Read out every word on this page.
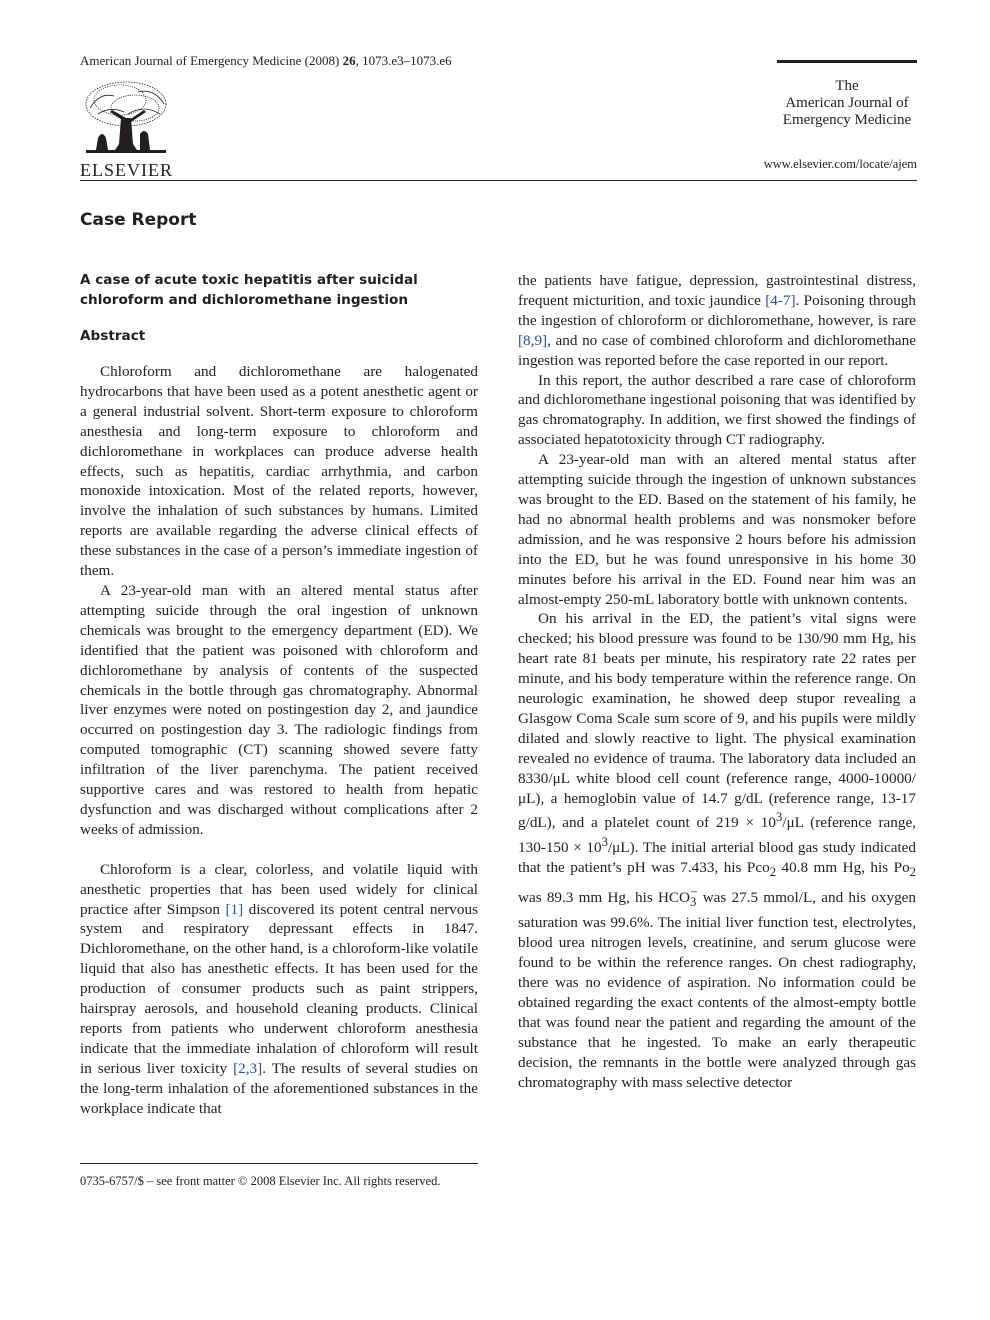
American Journal of Emergency Medicine (2008) 26, 1073.e3–1073.e6
ELSEVIER
The
American Journal of
Emergency Medicine
www.elsevier.com/locate/ajem
Case Report
A case of acute toxic hepatitis after suicidal chloroform and dichloromethane ingestion
Abstract

Chloroform and dichloromethane are halogenated hydrocarbons that have been used as a potent anesthetic agent or a general industrial solvent. Short-term exposure to chloroform anesthesia and long-term exposure to chloroform and dichloromethane in workplaces can produce adverse health effects, such as hepatitis, cardiac arrhythmia, and carbon monoxide intoxication. Most of the related reports, however, involve the inhalation of such substances by humans. Limited reports are available regarding the adverse clinical effects of these substances in the case of a person’s immediate ingestion of them.

A 23-year-old man with an altered mental status after attempting suicide through the oral ingestion of unknown chemicals was brought to the emergency department (ED). We identified that the patient was poisoned with chloroform and dichloromethane by analysis of contents of the suspected chemicals in the bottle through gas chromatography. Abnormal liver enzymes were noted on postingestion day 2, and jaundice occurred on postingestion day 3. The radiologic findings from computed tomographic (CT) scanning showed severe fatty infiltration of the liver parenchyma. The patient received supportive cares and was restored to health from hepatic dysfunction and was discharged without complications after 2 weeks of admission.

Chloroform is a clear, colorless, and volatile liquid with anesthetic properties that has been used widely for clinical practice after Simpson [1] discovered its potent central nervous system and respiratory depressant effects in 1847. Dichloromethane, on the other hand, is a chloroform-like volatile liquid that also has anesthetic effects. It has been used for the production of consumer products such as paint strippers, hairspray aerosols, and household cleaning products. Clinical reports from patients who underwent chloroform anesthesia indicate that the immediate inhalation of chloroform will result in serious liver toxicity [2,3]. The results of several studies on the long-term inhalation of the aforementioned substances in the workplace indicate that

the patients have fatigue, depression, gastrointestinal distress, frequent micturition, and toxic jaundice [4-7]. Poisoning through the ingestion of chloroform or dichloromethane, however, is rare [8,9], and no case of combined chloroform and dichloromethane ingestion was reported before the case reported in our report.

In this report, the author described a rare case of chloroform and dichloromethane ingestional poisoning that was identified by gas chromatography. In addition, we first showed the findings of associated hepatotoxicity through CT radiography.

A 23-year-old man with an altered mental status after attempting suicide through the ingestion of unknown substances was brought to the ED. Based on the statement of his family, he had no abnormal health problems and was nonsmoker before admission, and he was responsive 2 hours before his admission into the ED, but he was found unresponsive in his home 30 minutes before his arrival in the ED. Found near him was an almost-empty 250-mL laboratory bottle with unknown contents.

On his arrival in the ED, the patient’s vital signs were checked; his blood pressure was found to be 130/90 mm Hg, his heart rate 81 beats per minute, his respiratory rate 22 rates per minute, and his body temperature within the reference range. On neurologic examination, he showed deep stupor revealing a Glasgow Coma Scale sum score of 9, and his pupils were mildly dilated and slowly reactive to light. The physical examination revealed no evidence of trauma. The laboratory data included an 8330/μL white blood cell count (reference range, 4000-10000/μL), a hemoglobin value of 14.7 g/dL (reference range, 13-17 g/dL), and a platelet count of $219 \times 10^3/\mu L$ (reference range, $130-150 \times 10^3/\mu L$). The initial arterial blood gas study indicated that the patient’s pH was 7.433, his Pco$_2$ 40.8 mm Hg, his $Po_2$ was 89.3 mm Hg, his $HCO_3^-$ was 27.5 mmol/L, and his oxygen saturation was 99.6%. The initial liver function test, electrolytes, blood urea nitrogen levels, creatinine, and serum glucose were found to be within the reference ranges. On chest radiography, there was no evidence of aspiration. No information could be obtained regarding the exact contents of the almost-empty bottle that was found near the patient and regarding the amount of the substance that he ingested. To make an early therapeutic decision, the remnants in the bottle were analyzed through gas chromatography with mass selective detector

0735-6757/$ – see front matter © 2008 Elsevier Inc. All rights reserved.
